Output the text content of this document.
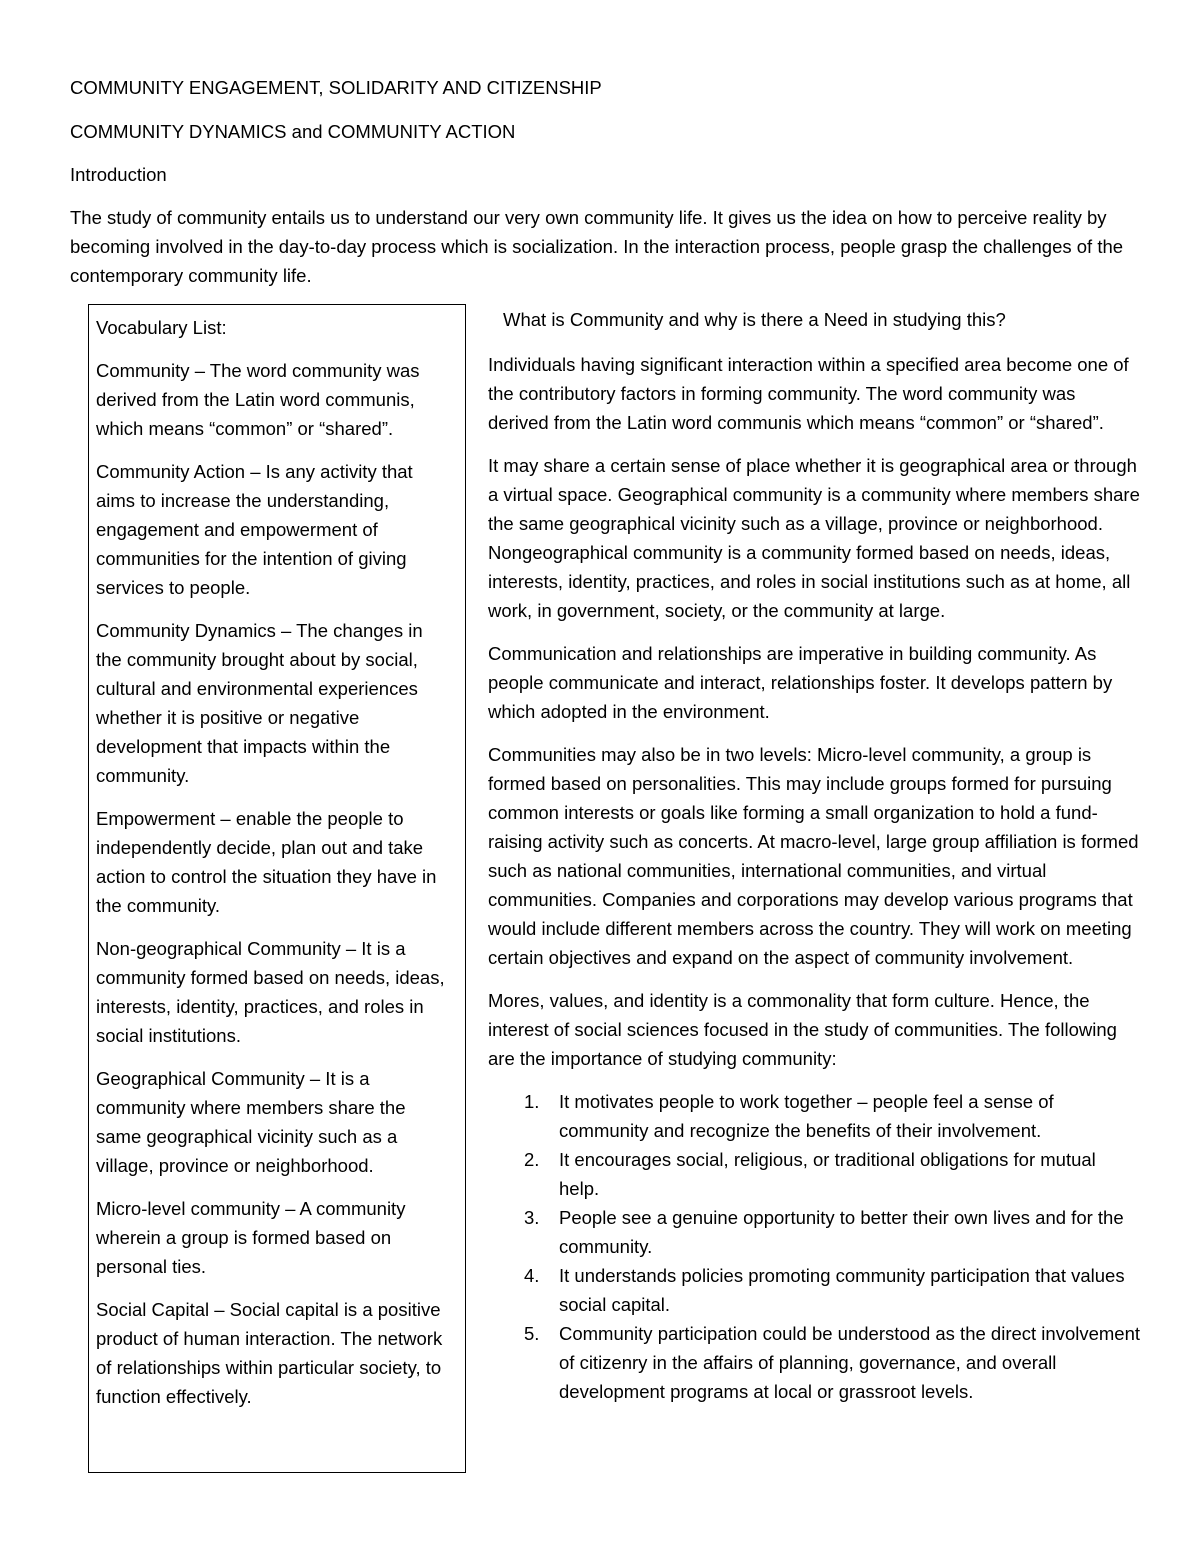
COMMUNITY ENGAGEMENT, SOLIDARITY AND CITIZENSHIP

COMMUNITY DYNAMICS and COMMUNITY ACTION

Introduction

The study of community entails us to understand our very own community life. It gives us the idea on how to perceive reality by becoming involved in the day-to-day process which is socialization. In the interaction process, people grasp the challenges of the contemporary community life.

Vocabulary List:

Community – The word community was derived from the Latin word communis, which means “common” or “shared”.

Community Action – Is any activity that aims to increase the understanding, engagement and empowerment of communities for the intention of giving services to people.

Community Dynamics – The changes in the community brought about by social, cultural and environmental experiences whether it is positive or negative development that impacts within the community.

Empowerment – enable the people to independently decide, plan out and take action to control the situation they have in the community.

Non-geographical Community – It is a community formed based on needs, ideas, interests, identity, practices, and roles in social institutions.

Geographical Community – It is a community where members share the same geographical vicinity such as a village, province or neighborhood.

Micro-level community – A community wherein a group is formed based on personal ties.

Social Capital – Social capital is a positive product of human interaction. The network of relationships within particular society, to function effectively.

What is Community and why is there a Need in studying this?

Individuals having significant interaction within a specified area become one of the contributory factors in forming community. The word community was derived from the Latin word communis which means “common” or “shared”.

It may share a certain sense of place whether it is geographical area or through a virtual space. Geographical community is a community where members share the same geographical vicinity such as a village, province or neighborhood. Nongeographical community is a community formed based on needs, ideas, interests, identity, practices, and roles in social institutions such as at home, all work, in government, society, or the community at large.

Communication and relationships are imperative in building community. As people communicate and interact, relationships foster. It develops pattern by which adopted in the environment.

Communities may also be in two levels: Micro-level community, a group is formed based on personalities. This may include groups formed for pursuing common interests or goals like forming a small organization to hold a fund-raising activity such as concerts. At macro-level, large group affiliation is formed such as national communities, international communities, and virtual communities. Companies and corporations may develop various programs that would include different members across the country. They will work on meeting certain objectives and expand on the aspect of community involvement.

Mores, values, and identity is a commonality that form culture. Hence, the interest of social sciences focused in the study of communities. The following are the importance of studying community:

1. It motivates people to work together – people feel a sense of community and recognize the benefits of their involvement.
2. It encourages social, religious, or traditional obligations for mutual help.
3. People see a genuine opportunity to better their own lives and for the community.
4. It understands policies promoting community participation that values social capital.
5. Community participation could be understood as the direct involvement of citizenry in the affairs of planning, governance, and overall development programs at local or grassroot levels.
